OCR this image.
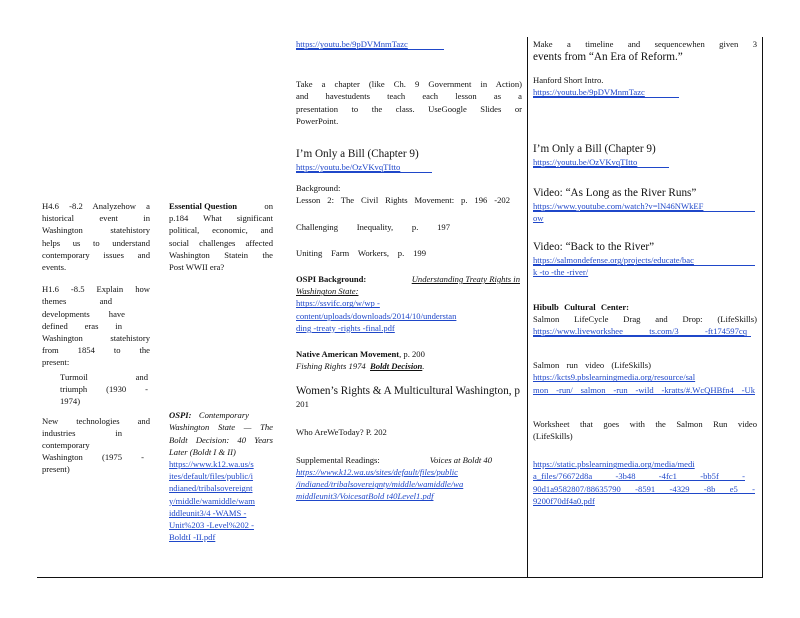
H4.6 -8.2 Analyzehow a
historical event in
Washington statehistory
helps us to understand
contemporary issues and
events.
H1.6 -8.5 Explain how
themes and
developments have
defined eras in
Washington statehistory
from 1854 to the
present:
Turmoil and
triumph (1930 -
1974)
New technologies and
industries in
contemporary
Washington (1975 -
present)
Essential Question	on
p.184 What significant
political, economic, and
social challenges affected
Washington Statein the
Post WWII era?
OSPI: Contemporary
Washington State — The
Boldt Decision: 40 Years
Later (Boldt I & II)
https://www.k12.wa.us/s
ites/default/files/public/i
ndianed/tribalsovereignt
y/middle/wamiddle/wam
iddleunit3/4 -WAMS -
Unit%203 -Level%202 -
BoldtI -II.pdf
https://youtu.be/9pDVMnmTazc
Take a chapter (like Ch. 9 Government in Action)
and havestudents teach each lesson as a
presentation to the class. UseGoogle Slides or
PowerPoint.
I’m Only a Bill (Chapter 9)
https://youtu.be/OzVKvqTItto
Background:
Lesson 2: The Civil Rights Movement: p. 196 -202
Challenging Inequality, p. 197
Uniting Farm Workers, p. 199
OSPI Background:	Understanding Treaty Rights in
Washington State:
https://ssvifc.org/w/wp -
content/uploads/downloads/2014/10/understan
ding -treaty -rights -final.pdf
Native American Movement, p. 200
Fishing Rights 1974 Boldt Decision.
Women’s Rights & A Multicultural Washington, p
201
Who AreWeToday? P. 202
Supplemental Readings:	Voices at Boldt 40
https://www.k12.wa.us/sites/default/files/public
/indianed/tribalsovereignty/middle/wamiddle/wa
middleunit3/VoicesatBold t40Level1.pdf
Make a timeline and sequencewhen given 3
events from “An Era of Reform.”
Hanford Short Intro.
https://youtu.be/9pDVMnmTazc
I’m Only a Bill (Chapter 9)
https://youtu.be/OzVKvqTItto
Video: “As Long as the River Runs”
https://www.youtube.com/watch?v=lN46NWkEF
ow
Video: “Back to the River”
https://salmondefense.org/projects/educate/bac
k -to -the -river/
Hibulb Cultural Center:
Salmon LifeCycle Drag and Drop: (LifeSkills)
https://www.liveworkshee ts.com/3 -ft174597cq
Salmon run video (LifeSkills)
https://kcts9.pbslearningmedia.org/resource/sal
mon -run/ salmon -run -wild -kratts/#.WcQHBfn4 -Uk
Worksheet that goes with the Salmon Run video
(LifeSkills)
https://static.pbslearningmedia.org/media/medi
a_files/76672d8a -3b48 -4fc1 -bb5f -
90d1a9582807/88635790 -8591 -4329 -8b e5 -
9200f70df4a0.pdf
